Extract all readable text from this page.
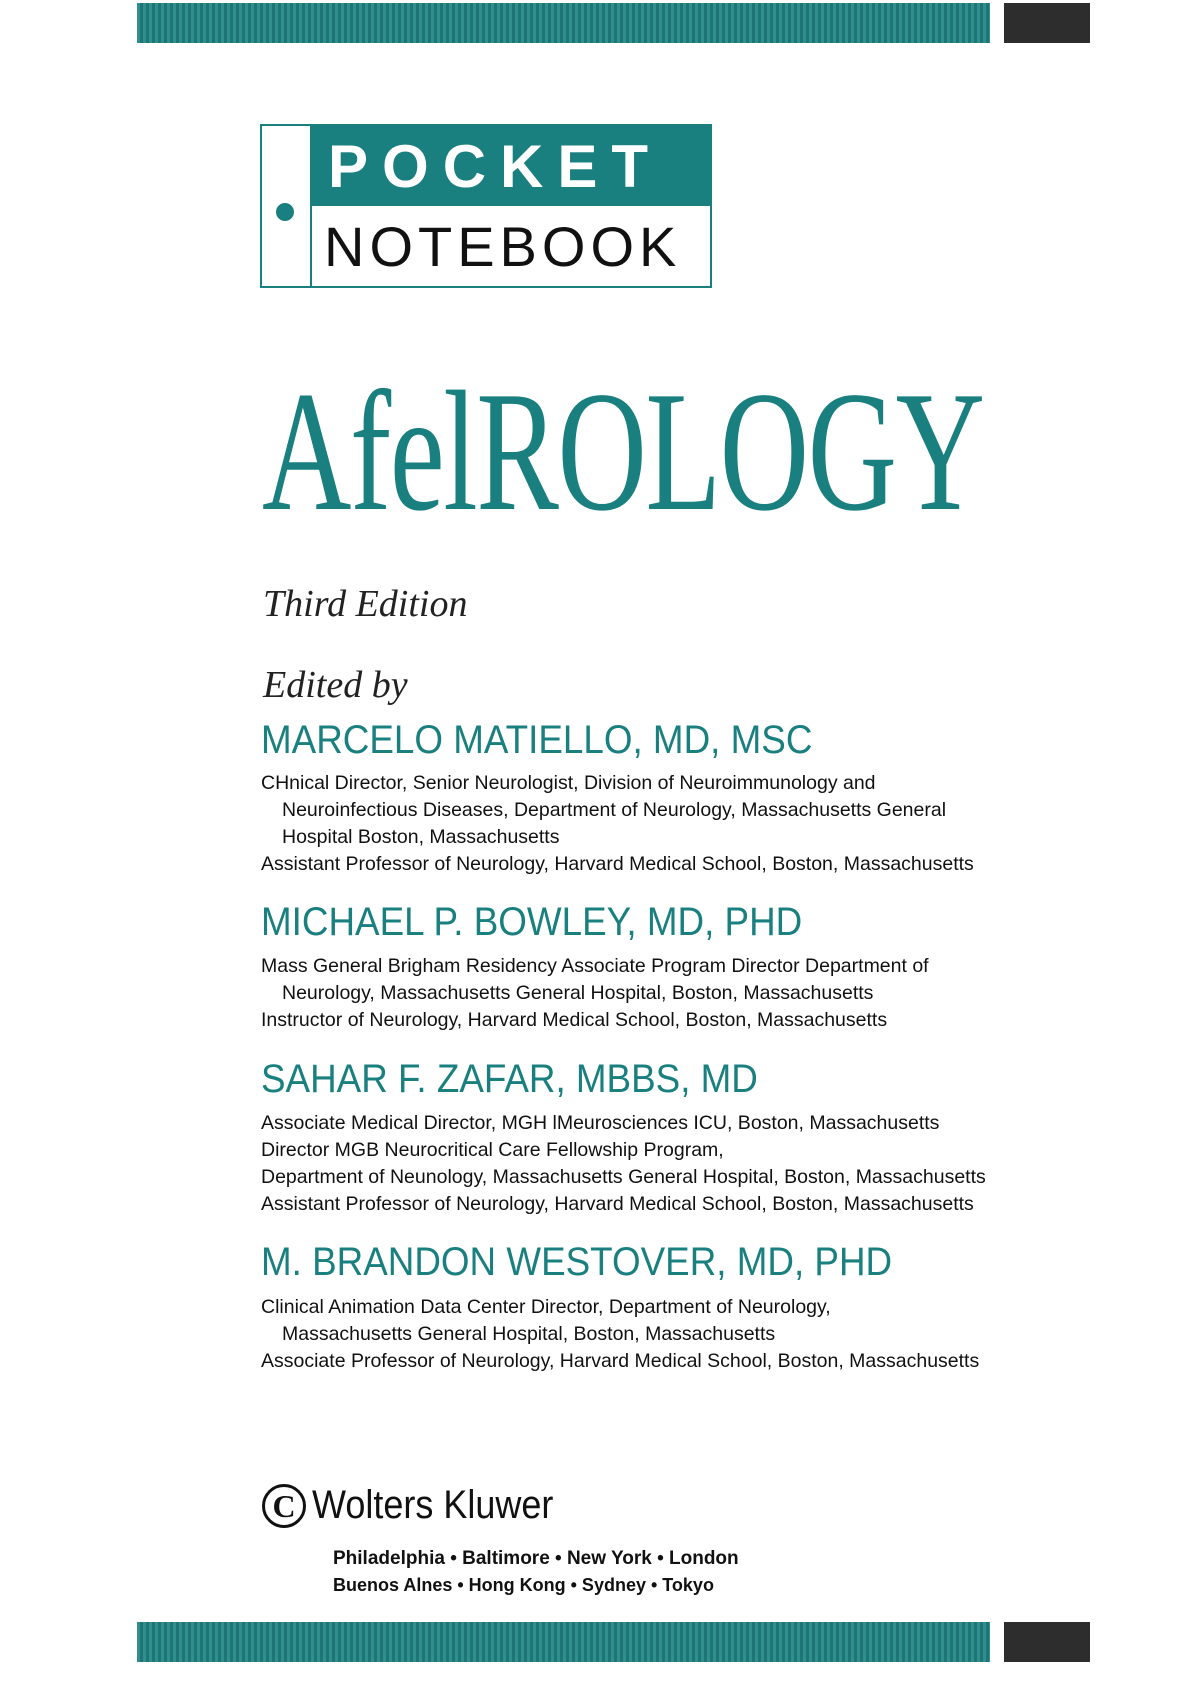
POCKET
NOTEBOOK
AfelROLOGY
Third Edition
Edited by
MARCELO MATIELLO, MD, MSC
CHnical Director, Senior Neurologist, Division of Neuroimmunology and
Neuroinfectious Diseases, Department of Neurology, Massachusetts General
Hospital Boston, Massachusetts
Assistant Professor of Neurology, Harvard Medical School, Boston, Massachusetts
MICHAEL P. BOWLEY, MD, PHD
Mass General Brigham Residency Associate Program Director Department of
Neurology, Massachusetts General Hospital, Boston, Massachusetts
Instructor of Neurology, Harvard Medical School, Boston, Massachusetts
SAHAR F. ZAFAR, MBBS, MD
Associate Medical Director, MGH lMeurosciences ICU, Boston, Massachusetts
Director MGB Neurocritical Care Fellowship Program,
Department of Neunology, Massachusetts General Hospital, Boston, Massachusetts
Assistant Professor of Neurology, Harvard Medical School, Boston, Massachusetts
M. BRANDON WESTOVER, MD, PHD
Clinical Animation Data Center Director, Department of Neurology,
Massachusetts General Hospital, Boston, Massachusetts
Associate Professor of Neurology, Harvard Medical School, Boston, Massachusetts
C Wolters Kluwer
Philadelphia • Baltimore • New York • London
Buenos Alnes • Hong Kong • Sydney • Tokyo
